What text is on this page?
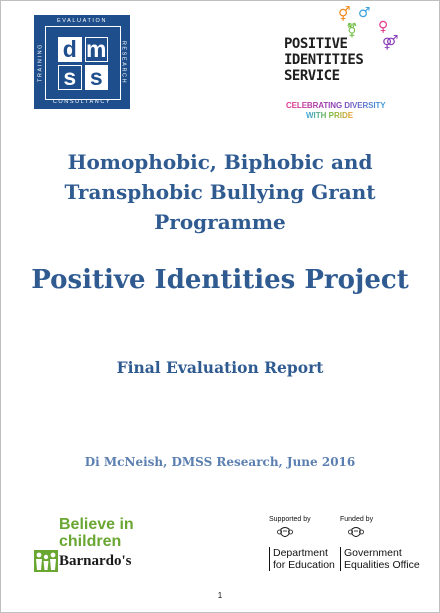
EVALUATION
TRAINING	RESEARCH
CONSULTANCY
d m
s s
⚥ ♂
♀
⚧
⚤
POSITIVE
IDENTITIES
SERVICE
CELEBRATING DIVERSITY
WITH PRIDE
Homophobic, Biphobic and
Transphobic Bullying Grant
Programme
Positive Identities Project
Final Evaluation Report
Di McNeish, DMSS Research, June 2016
Believe in
children
Barnardo's
Supported by
Department
for Education
Funded by
Government
Equalities Office
1
